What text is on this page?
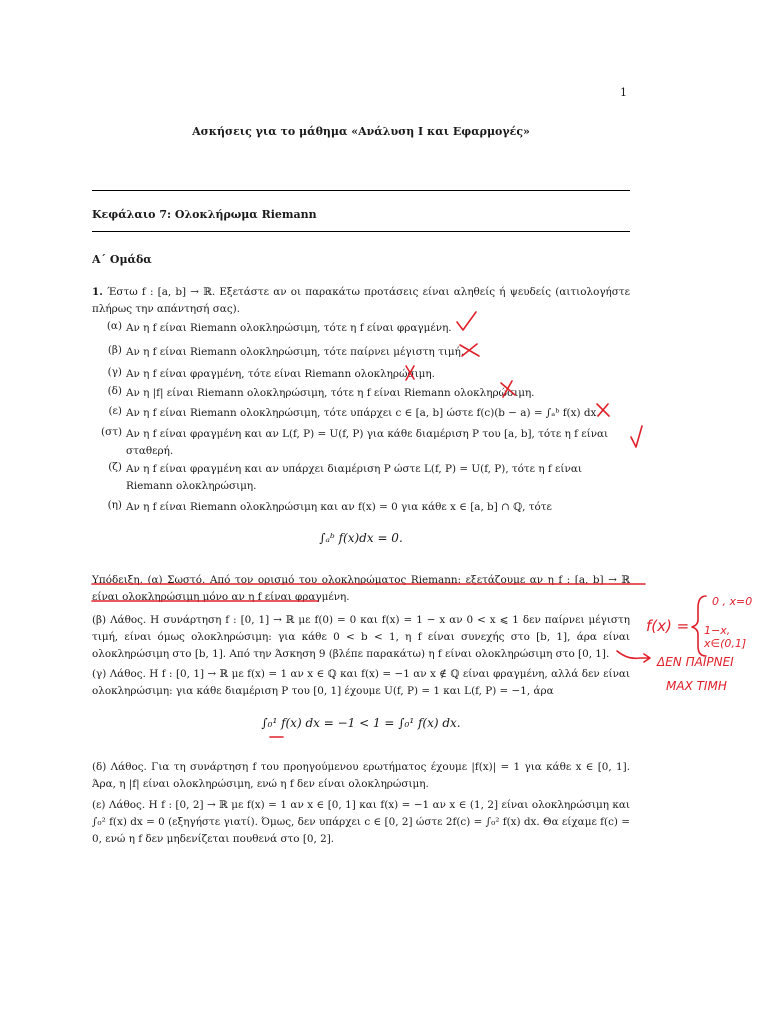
1
Ασκήσεις για το μάθημα «Ανάλυση Ι και Εφαρμογές»
Κεφάλαιο 7: Ολοκλήρωμα Riemann
Α΄ Ομάδα
1. Έστω f : [a, b] → ℝ. Εξετάστε αν οι παρακάτω προτάσεις είναι αληθείς ή ψευδείς (αιτιολογήστε πλήρως την απάντησή σας).
(α) Αν η f είναι Riemann ολοκληρώσιμη, τότε η f είναι φραγμένη.
(β) Αν η f είναι Riemann ολοκληρώσιμη, τότε παίρνει μέγιστη τιμή.
(γ) Αν η f είναι φραγμένη, τότε είναι Riemann ολοκληρώσιμη.
(δ) Αν η |f| είναι Riemann ολοκληρώσιμη, τότε η f είναι Riemann ολοκληρώσιμη.
(ε) Αν η f είναι Riemann ολοκληρώσιμη, τότε υπάρχει c ∈ [a, b] ώστε f(c)(b − a) = ∫ₐᵇ f(x) dx.
(στ) Αν η f είναι φραγμένη και αν L(f, P) = U(f, P) για κάθε διαμέριση P του [a, b], τότε η f είναι σταθερή.
(ζ) Αν η f είναι φραγμένη και αν υπάρχει διαμέριση P ώστε L(f, P) = U(f, P), τότε η f είναι Riemann ολοκληρώσιμη.
(η) Αν η f είναι Riemann ολοκληρώσιμη και αν f(x) = 0 για κάθε x ∈ [a, b] ∩ ℚ, τότε
∫ₐᵇ f(x)dx = 0.
Υπόδειξη. (α) Σωστό. Από τον ορισμό του ολοκληρώματος Riemann: εξετάζουμε αν η f : [a, b] → ℝ είναι ολοκληρώσιμη μόνο αν η f είναι φραγμένη.
(β) Λάθος. Η συνάρτηση f : [0, 1] → ℝ με f(0) = 0 και f(x) = 1 − x αν 0 < x ⩽ 1 δεν παίρνει μέγιστη τιμή, είναι όμως ολοκληρώσιμη: για κάθε 0 < b < 1, η f είναι συνεχής στο [b, 1], άρα είναι ολοκληρώσιμη στο [b, 1]. Από την Άσκηση 9 (βλέπε παρακάτω) η f είναι ολοκληρώσιμη στο [0, 1].
(γ) Λάθος. Η f : [0, 1] → ℝ με f(x) = 1 αν x ∈ ℚ και f(x) = −1 αν x ∉ ℚ είναι φραγμένη, αλλά δεν είναι ολοκληρώσιμη: για κάθε διαμέριση P του [0, 1] έχουμε U(f, P) = 1 και L(f, P) = −1, άρα
∫₀¹ f(x) dx = −1 < 1 = ∫₀¹ f(x) dx.
(δ) Λάθος. Για τη συνάρτηση f του προηγούμενου ερωτήματος έχουμε |f(x)| = 1 για κάθε x ∈ [0, 1]. Άρα, η |f| είναι ολοκληρώσιμη, ενώ η f δεν είναι ολοκληρώσιμη.
(ε) Λάθος. Η f : [0, 2] → ℝ με f(x) = 1 αν x ∈ [0, 1] και f(x) = −1 αν x ∈ (1, 2] είναι ολοκληρώσιμη και ∫₀² f(x) dx = 0 (εξηγήστε γιατί). Όμως, δεν υπάρχει c ∈ [0, 2] ώστε 2f(c) = ∫₀² f(x) dx. Θα είχαμε f(c) = 0, ενώ η f δεν μηδενίζεται πουθενά στο [0, 2].
f(x) =
0 , x=0
1−x, x∈(0,1]
ΔΕΝ ΠΑΙΡΝΕΙ
MAX ΤΙΜΗ
